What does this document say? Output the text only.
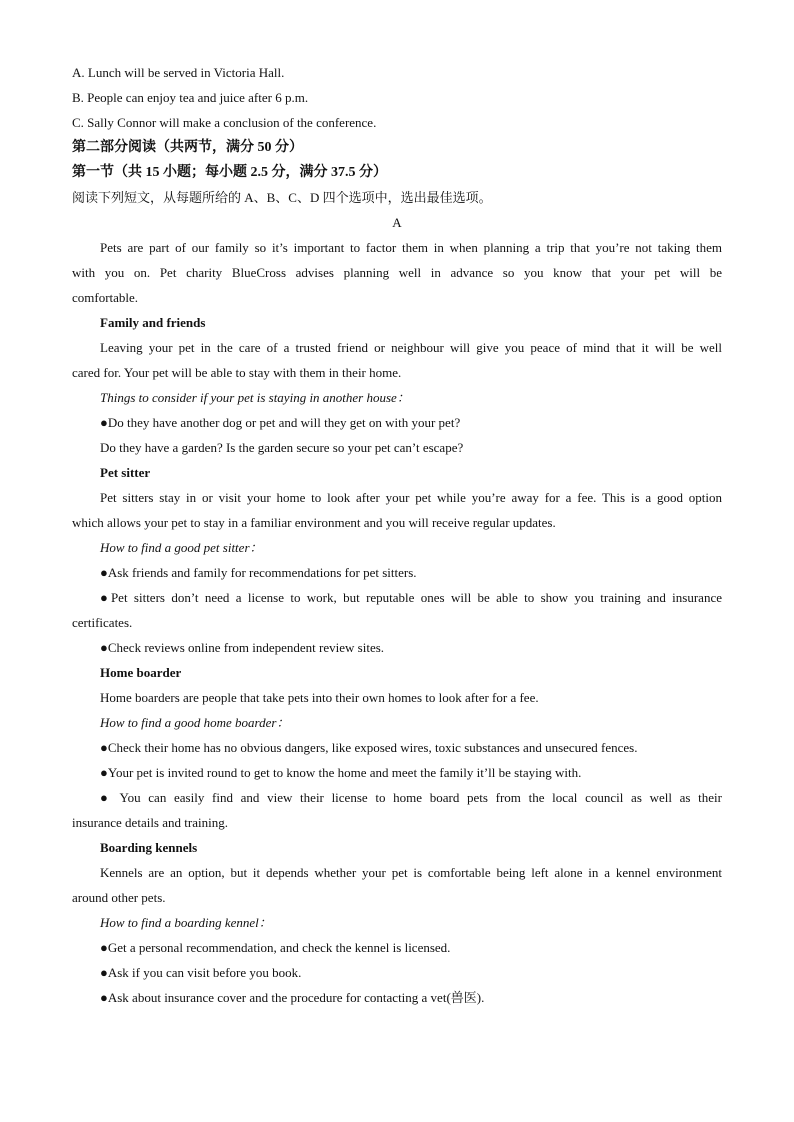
A. Lunch will be served in Victoria Hall.
B. People can enjoy tea and juice after 6 p.m.
C. Sally Connor will make a conclusion of the conference.
第二部分阅读（共两节，满分 50 分）
第一节（共 15 小题；每小题 2.5 分，满分 37.5 分）
阅读下列短文，从每题所给的 A、B、C、D 四个选项中，选出最佳选项。
A
Pets are part of our family so it’s important to factor them in when planning a trip that you’re not taking them
with you on. Pet charity BlueCross advises planning well in advance so you know that your pet will be
comfortable.
Family and friends
Leaving your pet in the care of a trusted friend or neighbour will give you peace of mind that it will be well
cared for. Your pet will be able to stay with them in their home.
Things to consider if your pet is staying in another house：
●Do they have another dog or pet and will they get on with your pet?
Do they have a garden? Is the garden secure so your pet can’t escape?
Pet sitter
Pet sitters stay in or visit your home to look after your pet while you’re away for a fee. This is a good option
which allows your pet to stay in a familiar environment and you will receive regular updates.
How to find a good pet sitter：
●Ask friends and family for recommendations for pet sitters.
●Pet sitters don’t need a license to work, but reputable ones will be able to show you training and insurance
certificates.
●Check reviews online from independent review sites.
Home boarder
Home boarders are people that take pets into their own homes to look after for a fee.
How to find a good home boarder：
●Check their home has no obvious dangers, like exposed wires, toxic substances and unsecured fences.
●Your pet is invited round to get to know the home and meet the family it’ll be staying with.
● You can easily find and view their license to home board pets from the local council as well as their
insurance details and training.
Boarding kennels
Kennels are an option, but it depends whether your pet is comfortable being left alone in a kennel environment
around other pets.
How to find a boarding kennel：
●Get a personal recommendation, and check the kennel is licensed.
●Ask if you can visit before you book.
●Ask about insurance cover and the procedure for contacting a vet(兽医).
